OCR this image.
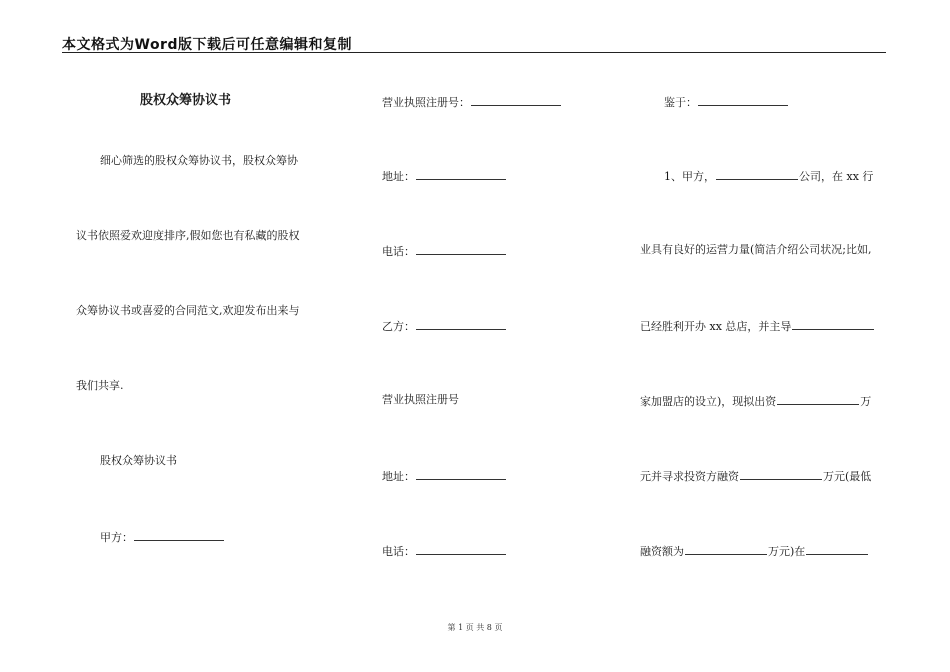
本文格式为Word版下载后可任意编辑和复制
股权众筹协议书
细心筛选的股权众筹协议书，股权众筹协
议书依照爱欢迎度排序,假如您也有私藏的股权
众筹协议书或喜爱的合同范文,欢迎发布出来与
我们共享.
股权众筹协议书
甲方：
营业执照注册号：
地址：
电话：
乙方：
营业执照注册号
地址：
电话：
鉴于：
1、甲方，	公司，在 xx 行
业具有良好的运营力量(简洁介绍公司状况;比如,
已经胜利开办 xx 总店，并主导
家加盟店的设立)，现拟出资	万
元并寻求投资方融资	万元(最低
融资额为	万元)在
第 1 页 共 8 页
